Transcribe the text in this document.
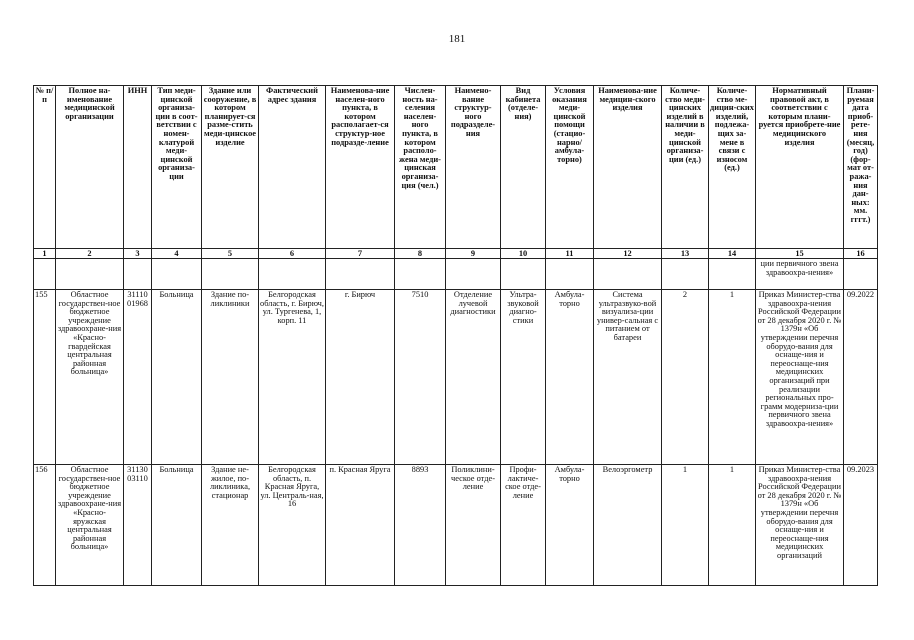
181
№ п/п	Полное на-именование медицинской организации	ИНН	Тип меди-цинской организа-ции в соот-ветствии с номен-клатурой меди-цинской организа-ции	Здание или сооружение, в котором планирует-ся разме-стить меди-цинское изделие	Фактический адрес здания	Наименова-ние населен-ного пункта, в котором располагает-ся структур-ное подразде-ление	Числен-ность на-селения населен-ного пункта, в котором располо-жена меди-цинская организа-ция (чел.)	Наимено-вание структур-ного подразделе-ния	Вид кабинета (отделе-ния)	Условия оказания меди-цинской помощи (стацио-нарно/ амбула-торно)	Наименова-ние медицин-ского изделия	Количе-ство меди-цинских изделий в наличии в меди-цинской организа-ции (ед.)	Количе-ство ме-дицин-ских изделий, подлежа-щих за-мене в связи с износом (ед.)	Нормативный правовой акт, в соответствии с которым плани-руется приобрете-ние медицинского изделия	Плани-руемая дата приоб-рете-ния (месяц, год) (фор-мат от-ража-ния дан-ных: мм. гггт.)
1	2	3	4	5	6	7	8	9	10	11	12	13	14	15	16
														ции первичного звена здравоохра-нения»	
155	Областное государствен-ное бюджетное учреждение здравоохране-ния «Красно-гвардейская центральная районная больница»	31110 01968	Больница	Здание по-ликлиники	Белгородская область, г. Бирюч, ул. Тургенева, 1, корп. 11	г. Бирюч	7510	Отделение лучевой диагностики	Ультра-звуковой диагно-стики	Амбула-торно	Система ультразвуко-вой визуализа-ции универ-сальная с питанием от батареи	2	1	Приказ Министер-ства здравоохра-нения Российской Федерации от 28 декабря 2020 г. № 1379н «Об утверждении перечня оборудо-вания для оснаще-ния и переоснаще-ния медицинских организаций при реализации региональных про-грамм модерниза-ции первичного звена здравоохра-нения»	09.2022
156	Областное государствен-ное бюджетное учреждение здравоохране-ния «Красно-яружская центральная районная больница»	31130 03110	Больница	Здание не-жилое, по-ликлиника, стационар	Белгородская область, п. Красная Яруга, ул. Централь-ная, 16	п. Красная Яруга	8893	Поликлини-ческое отде-ление	Профи-лактиче-ское отде-ление	Амбула-торно	Велоэргометр	1	1	Приказ Министер-ства здравоохра-нения Российской Федерации от 28 декабря 2020 г. № 1379н «Об утверждении перечня оборудо-вания для оснаще-ния и переоснаще-ния медицинских организаций	09.2023
